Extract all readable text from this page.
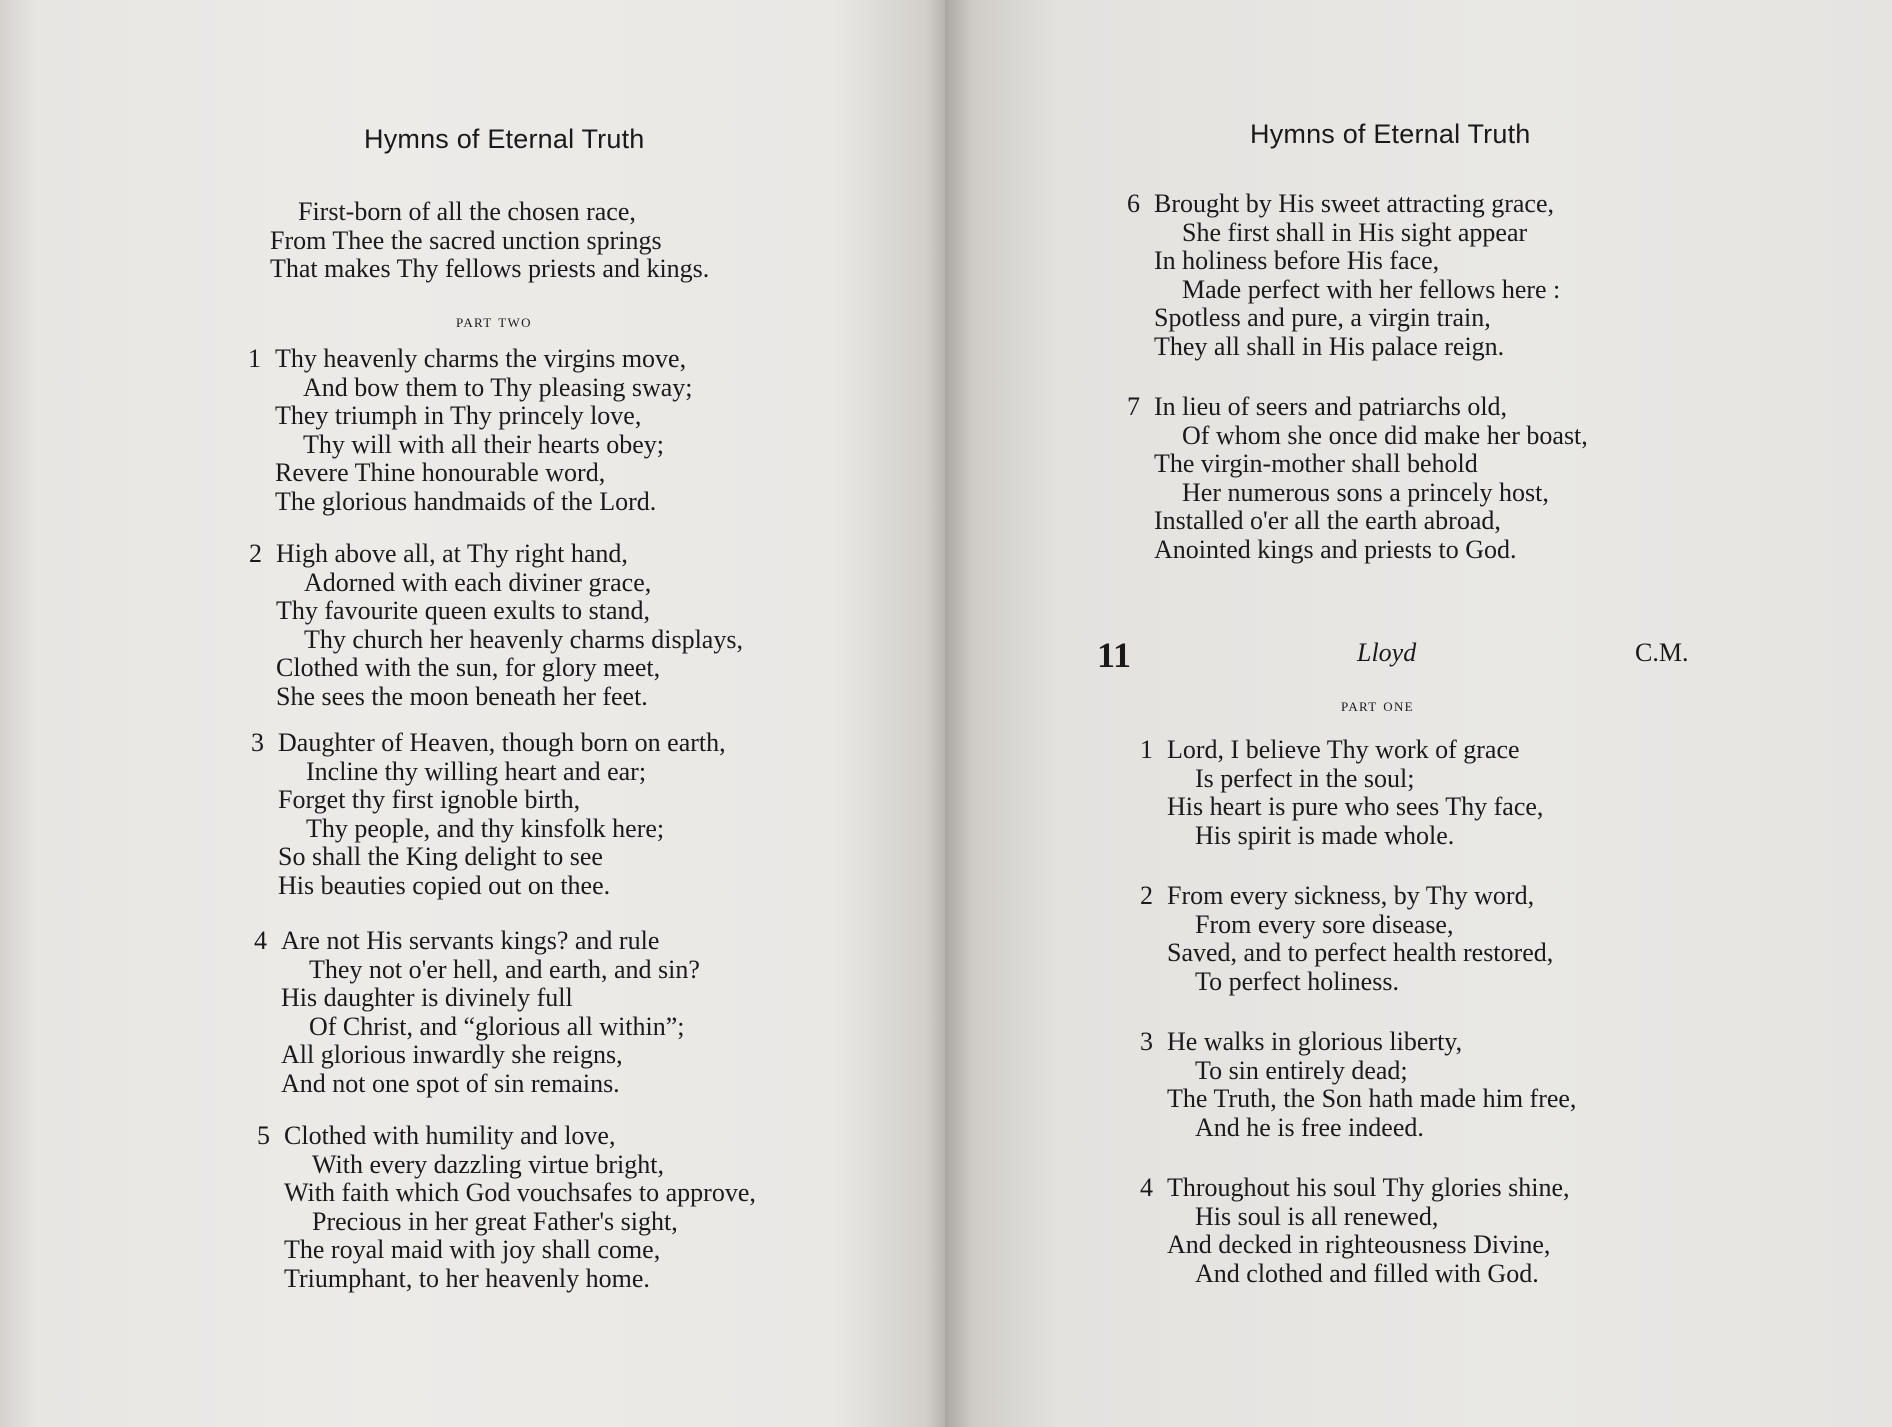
Hymns of Eternal Truth
First-born of all the chosen race,
From Thee the sacred unction springs
That makes Thy fellows priests and kings.
part two
1 Thy heavenly charms the virgins move,
And bow them to Thy pleasing sway;
They triumph in Thy princely love,
Thy will with all their hearts obey;
Revere Thine honourable word,
The glorious handmaids of the Lord.
2 High above all, at Thy right hand,
Adorned with each diviner grace,
Thy favourite queen exults to stand,
Thy church her heavenly charms displays,
Clothed with the sun, for glory meet,
She sees the moon beneath her feet.
3 Daughter of Heaven, though born on earth,
Incline thy willing heart and ear;
Forget thy first ignoble birth,
Thy people, and thy kinsfolk here;
So shall the King delight to see
His beauties copied out on thee.
4 Are not His servants kings? and rule
They not o'er hell, and earth, and sin?
His daughter is divinely full
Of Christ, and “glorious all within”;
All glorious inwardly she reigns,
And not one spot of sin remains.
5 Clothed with humility and love,
With every dazzling virtue bright,
With faith which God vouchsafes to approve,
Precious in her great Father's sight,
The royal maid with joy shall come,
Triumphant, to her heavenly home.
Hymns of Eternal Truth
6 Brought by His sweet attracting grace,
She first shall in His sight appear
In holiness before His face,
Made perfect with her fellows here :
Spotless and pure, a virgin train,
They all shall in His palace reign.
7 In lieu of seers and patriarchs old,
Of whom she once did make her boast,
The virgin-mother shall behold
Her numerous sons a princely host,
Installed o'er all the earth abroad,
Anointed kings and priests to God.
11	Lloyd	C.M.
part one
1 Lord, I believe Thy work of grace
Is perfect in the soul;
His heart is pure who sees Thy face,
His spirit is made whole.
2 From every sickness, by Thy word,
From every sore disease,
Saved, and to perfect health restored,
To perfect holiness.
3 He walks in glorious liberty,
To sin entirely dead;
The Truth, the Son hath made him free,
And he is free indeed.
4 Throughout his soul Thy glories shine,
His soul is all renewed,
And decked in righteousness Divine,
And clothed and filled with God.
